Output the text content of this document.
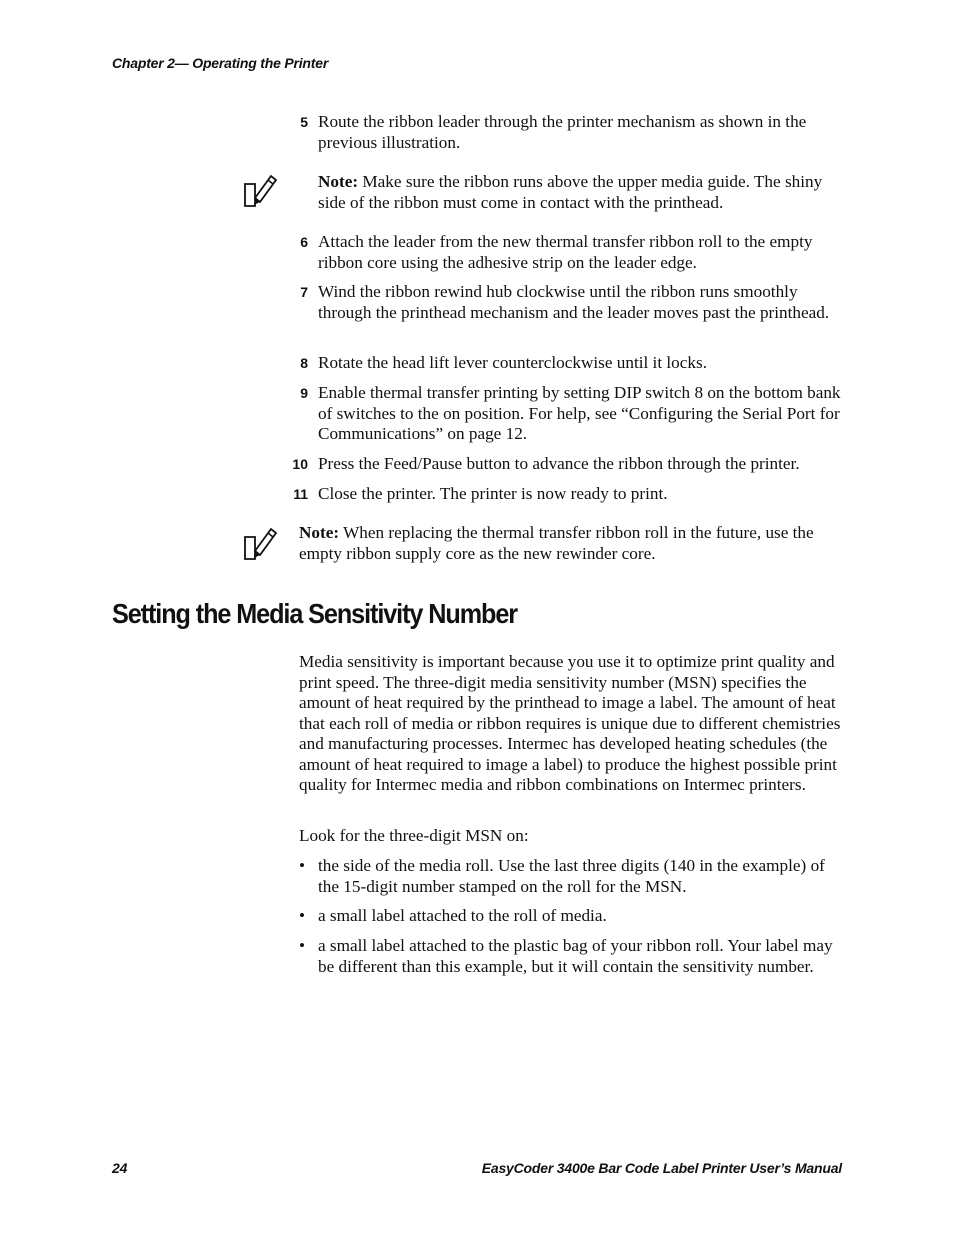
Chapter 2— Operating the Printer
5 Route the ribbon leader through the printer mechanism as shown in the previous illustration.
Note: Make sure the ribbon runs above the upper media guide. The shiny side of the ribbon must come in contact with the printhead.
6 Attach the leader from the new thermal transfer ribbon roll to the empty ribbon core using the adhesive strip on the leader edge.
7 Wind the ribbon rewind hub clockwise until the ribbon runs smoothly through the printhead mechanism and the leader moves past the printhead.
8 Rotate the head lift lever counterclockwise until it locks.
9 Enable thermal transfer printing by setting DIP switch 8 on the bottom bank of switches to the on position. For help, see “Configuring the Serial Port for Communications” on page 12.
10 Press the Feed/Pause button to advance the ribbon through the printer.
11 Close the printer. The printer is now ready to print.
Note: When replacing the thermal transfer ribbon roll in the future, use the empty ribbon supply core as the new rewinder core.
Setting the Media Sensitivity Number

Media sensitivity is important because you use it to optimize print quality and print speed. The three-digit media sensitivity number (MSN) specifies the amount of heat required by the printhead to image a label. The amount of heat that each roll of media or ribbon requires is unique due to different chemistries and manufacturing processes. Intermec has developed heating schedules (the amount of heat required to image a label) to produce the highest possible print quality for Intermec media and ribbon combinations on Intermec printers.

Look for the three-digit MSN on:

• the side of the media roll. Use the last three digits (140 in the example) of the 15-digit number stamped on the roll for the MSN.
• a small label attached to the roll of media.
• a small label attached to the plastic bag of your ribbon roll. Your label may be different than this example, but it will contain the sensitivity number.
24	EasyCoder 3400e Bar Code Label Printer User’s Manual
